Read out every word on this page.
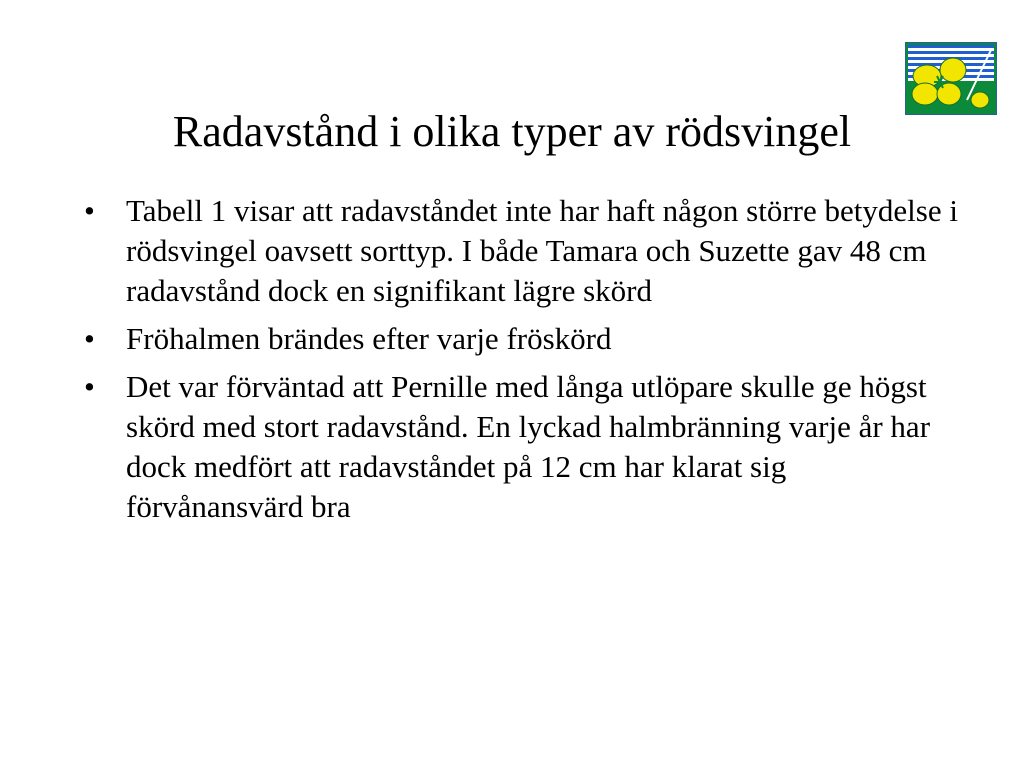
Radavstånd i olika typer av rödsvingel
• Tabell 1 visar att radavståndet inte har haft någon större betydelse i rödsvingel oavsett sorttyp. I både Tamara och Suzette gav 48 cm radavstånd dock en signifikant lägre skörd
• Fröhalmen brändes efter varje fröskörd
• Det var förväntad att Pernille med långa utlöpare skulle ge högst skörd med stort radavstånd. En lyckad halmbränning varje år har dock medfört att radavståndet på 12 cm har klarat sig förvånansvärd bra
